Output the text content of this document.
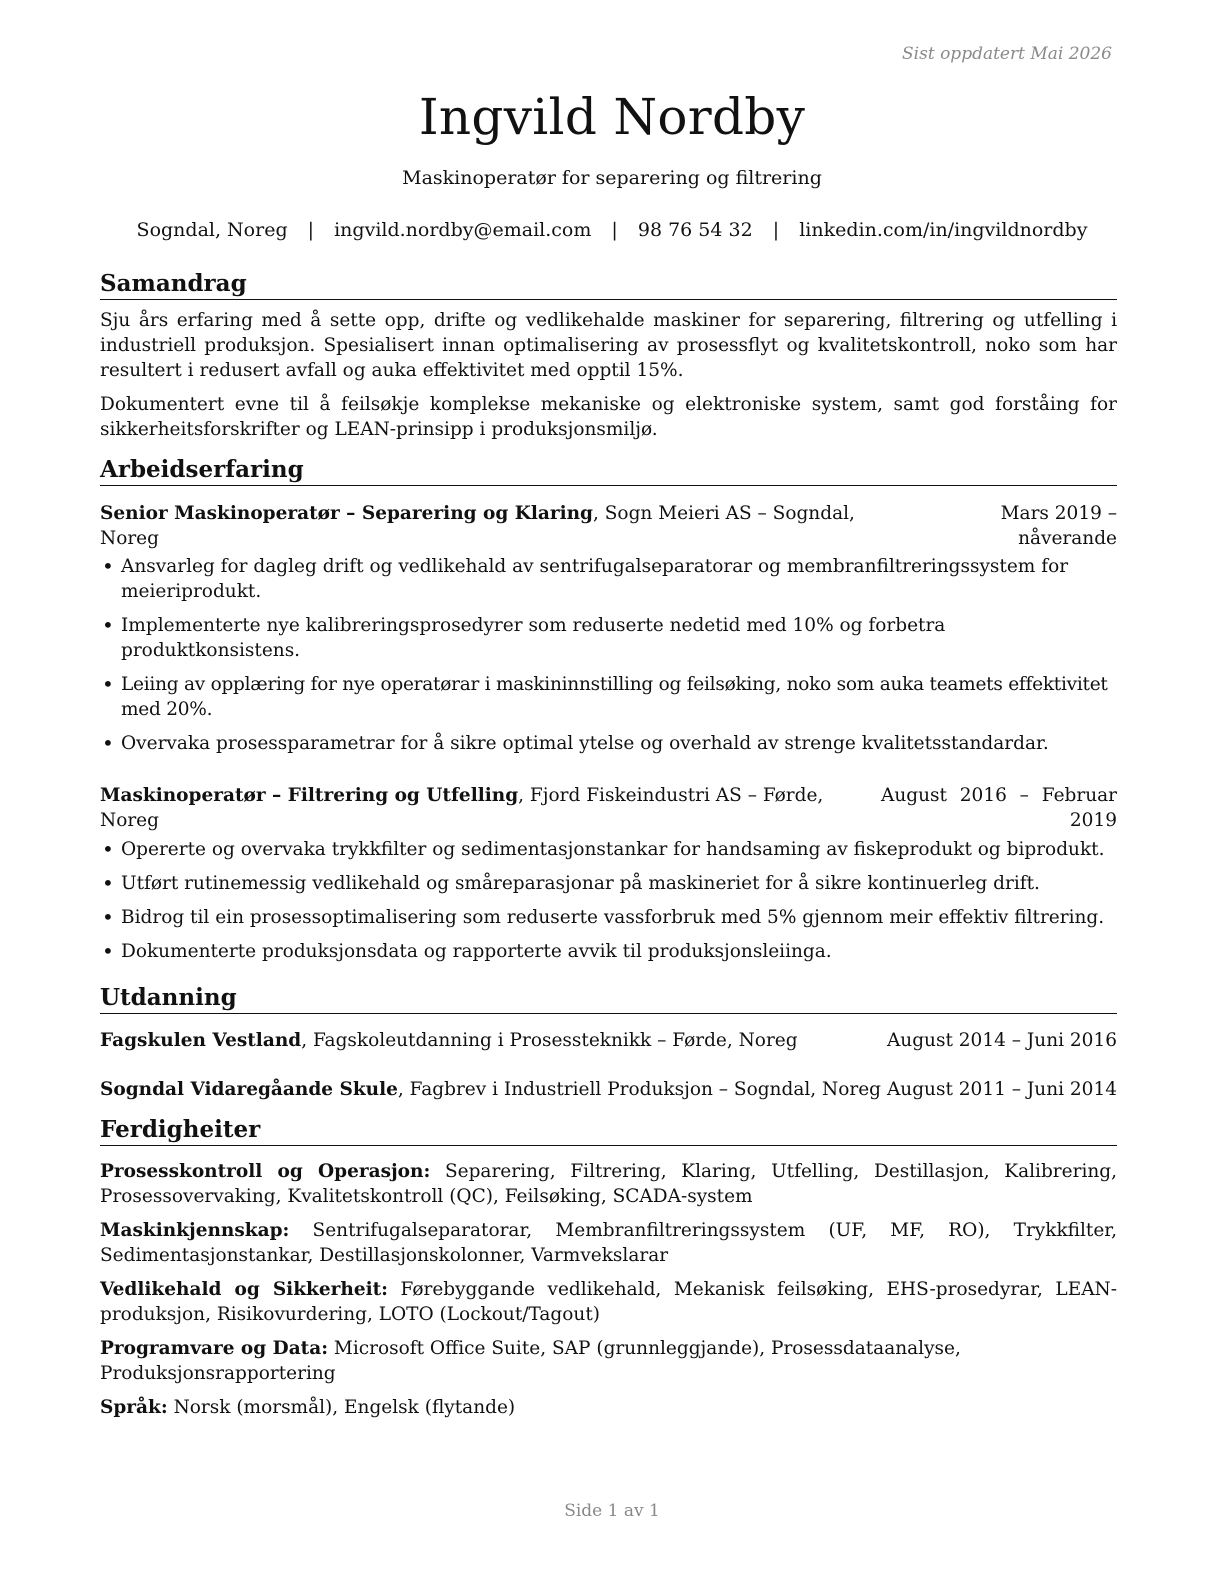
Sist oppdatert Mai 2026
Ingvild Nordby
Maskinoperatør for separering og filtrering
Sogndal, Noreg | ingvild.nordby@email.com | 98 76 54 32 | linkedin.com/in/ingvildnordby
Samandrag

Sju års erfaring med å sette opp, drifte og vedlikehalde maskiner for separering, filtrering og utfelling i industriell produksjon. Spesialisert innan optimalisering av prosessflyt og kvalitetskontroll, noko som har resultert i redusert avfall og auka effektivitet med opptil 15%.

Dokumentert evne til å feilsøkje komplekse mekaniske og elektroniske system, samt god forståing for sikkerheitsforskrifter og LEAN-prinsipp i produksjonsmiljø.

Arbeidserfaring
Senior Maskinoperatør – Separering og Klaring, Sogn Meieri AS – Sogndal, Noreg
Mars 2019 – nåverande
• Ansvarleg for dagleg drift og vedlikehald av sentrifugalseparatorar og membranfiltreringssystem for meieriprodukt.
• Implementerte nye kalibreringsprosedyrer som reduserte nedetid med 10% og forbetra produktkonsistens.
• Leiing av opplæring for nye operatørar i maskininnstilling og feilsøking, noko som auka teamets effektivitet med 20%.
• Overvaka prosessparametrar for å sikre optimal ytelse og overhald av strenge kvalitetsstandardar.
Maskinoperatør – Filtrering og Utfelling, Fjord Fiskeindustri AS – Førde, Noreg
August 2016 – Februar 2019
• Opererte og overvaka trykkfilter og sedimentasjonstankar for handsaming av fiskeprodukt og biprodukt.
• Utført rutinemessig vedlikehald og småreparasjonar på maskineriet for å sikre kontinuerleg drift.
• Bidrog til ein prosessoptimalisering som reduserte vassforbruk med 5% gjennom meir effektiv filtrering.
• Dokumenterte produksjonsdata og rapporterte avvik til produksjonsleiinga.
Utdanning
Fagskulen Vestland, Fagskoleutdanning i Prosessteknikk – Førde, Noreg	August 2014 – Juni 2016
Sogndal Vidaregåande Skule, Fagbrev i Industriell Produksjon – Sogndal, Noreg August 2011 – Juni 2014
Ferdigheiter

Prosesskontroll og Operasjon: Separering, Filtrering, Klaring, Utfelling, Destillasjon, Kalibrering, Prosessovervaking, Kvalitetskontroll (QC), Feilsøking, SCADA-system

Maskinkjennskap: Sentrifugalseparatorar, Membranfiltreringssystem (UF, MF, RO), Trykkfilter, Sedimentasjonstankar, Destillasjonskolonner, Varmvekslarar

Vedlikehald og Sikkerheit: Førebyggande vedlikehald, Mekanisk feilsøking, EHS-prosedyrar, LEAN-produksjon, Risikovurdering, LOTO (Lockout/Tagout)

Programvare og Data: Microsoft Office Suite, SAP (grunnleggjande), Prosessdataanalyse, Produksjonsrapportering

Språk: Norsk (morsmål), Engelsk (flytande)

Side 1 av 1
